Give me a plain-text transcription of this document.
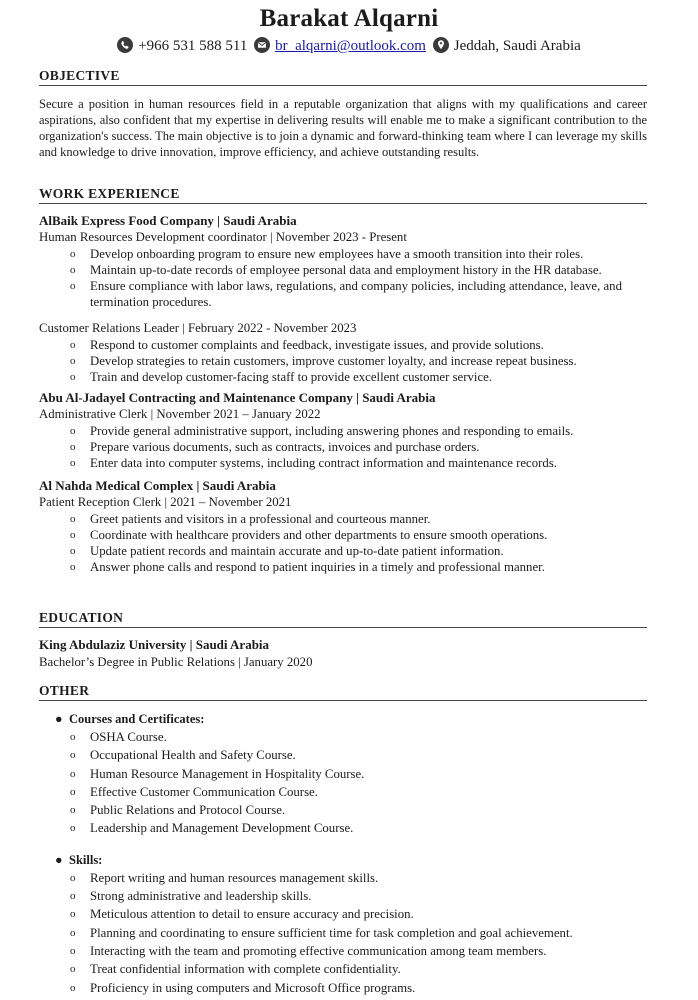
Barakat Alqarni
+966 531 588 511 br_alqarni@outlook.com Jeddah, Saudi Arabia
OBJECTIVE
Secure a position in human resources field in a reputable organization that aligns with my qualifications and career aspirations, also confident that my expertise in delivering results will enable me to make a significant contribution to the organization's success. The main objective is to join a dynamic and forward-thinking team where I can leverage my skills and knowledge to drive innovation, improve efficiency, and achieve outstanding results.
WORK EXPERIENCE
AlBaik Express Food Company | Saudi Arabia
Human Resources Development coordinator | November 2023 - Present
o Develop onboarding program to ensure new employees have a smooth transition into their roles.
o Maintain up-to-date records of employee personal data and employment history in the HR database.
o Ensure compliance with labor laws, regulations, and company policies, including attendance, leave, and termination procedures.
Customer Relations Leader | February 2022 - November 2023
o Respond to customer complaints and feedback, investigate issues, and provide solutions.
o Develop strategies to retain customers, improve customer loyalty, and increase repeat business.
o Train and develop customer-facing staff to provide excellent customer service.
Abu Al-Jadayel Contracting and Maintenance Company | Saudi Arabia
Administrative Clerk | November 2021 – January 2022
o Provide general administrative support, including answering phones and responding to emails.
o Prepare various documents, such as contracts, invoices and purchase orders.
o Enter data into computer systems, including contract information and maintenance records.
Al Nahda Medical Complex | Saudi Arabia
Patient Reception Clerk | 2021 – November 2021
o Greet patients and visitors in a professional and courteous manner.
o Coordinate with healthcare providers and other departments to ensure smooth operations.
o Update patient records and maintain accurate and up-to-date patient information.
o Answer phone calls and respond to patient inquiries in a timely and professional manner.
EDUCATION
King Abdulaziz University | Saudi Arabia
Bachelor’s Degree in Public Relations | January 2020
OTHER
● Courses and Certificates:
o OSHA Course.
o Occupational Health and Safety Course.
o Human Resource Management in Hospitality Course.
o Effective Customer Communication Course.
o Public Relations and Protocol Course.
o Leadership and Management Development Course.
● Skills:
o Report writing and human resources management skills.
o Strong administrative and leadership skills.
o Meticulous attention to detail to ensure accuracy and precision.
o Planning and coordinating to ensure sufficient time for task completion and goal achievement.
o Interacting with the team and promoting effective communication among team members.
o Treat confidential information with complete confidentiality.
o Proficiency in using computers and Microsoft Office programs.
